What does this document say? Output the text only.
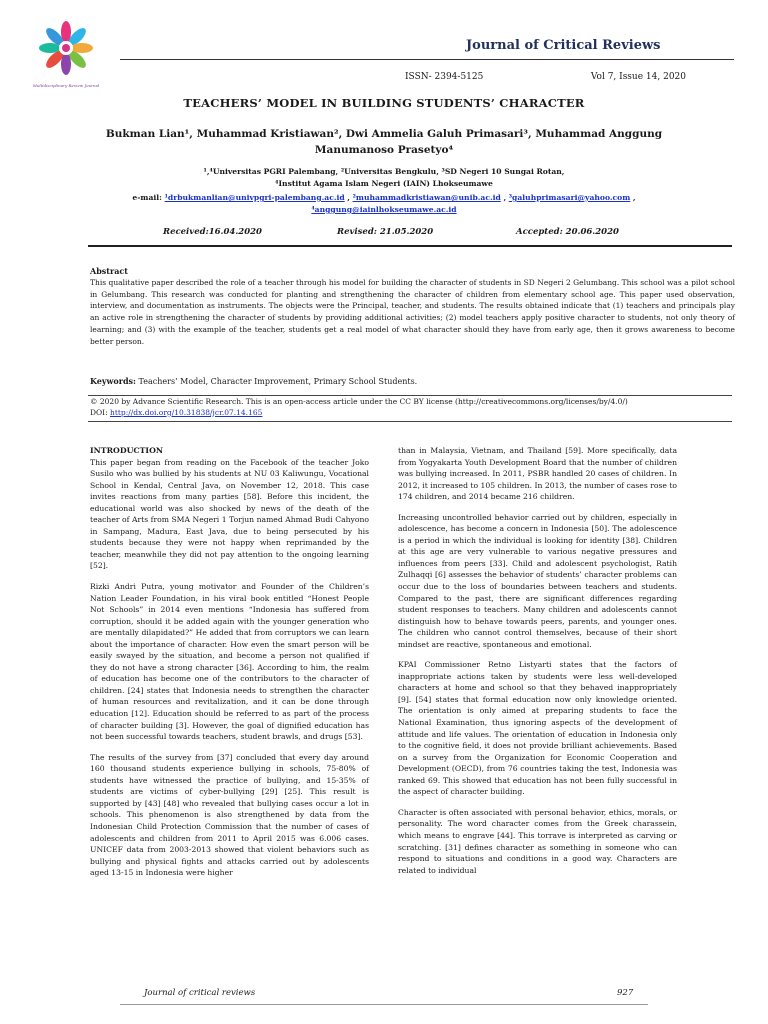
Multidisciplinary Review Journal
Journal of Critical Reviews
ISSN- 2394-5125	Vol 7, Issue 14, 2020
TEACHERS’ MODEL IN BUILDING STUDENTS’ CHARACTER
Bukman Lian¹, Muhammad Kristiawan², Dwi Ammelia Galuh Primasari³, Muhammad Anggung
Manumanoso Prasetyo⁴
¹,⁴Universitas PGRI Palembang, ²Universitas Bengkulu, ³SD Negeri 10 Sungai Rotan,
⁴Institut Agama Islam Negeri (IAIN) Lhokseumawe
e-mail: ¹drbukmanlian@univpgri-palembang.ac.id , ²muhammadkristiawan@unib.ac.id , ³galuhprimasari@yahoo.com ,
⁴anggung@iainlhokseumawe.ac.id
Received:16.04.2020	Revised: 21.05.2020	Accepted: 20.06.2020
Abstract
This qualitative paper described the role of a teacher through his model for building the character of students in SD Negeri 2 Gelumbang. This school was a pilot school in Gelumbang. This research was conducted for planting and strengthening the character of children from elementary school age. This paper used observation, interview, and documentation as instruments. The objects were the Principal, teacher, and students. The results obtained indicate that (1) teachers and principals play an active role in strengthening the character of students by providing additional activities; (2) model teachers apply positive character to students, not only theory of learning; and (3) with the example of the teacher, students get a real model of what character should they have from early age, then it grows awareness to become better person.
Keywords: Teachers’ Model, Character Improvement, Primary School Students.
© 2020 by Advance Scientific Research. This is an open-access article under the CC BY license (http://creativecommons.org/licenses/by/4.0/)
DOI: http://dx.doi.org/10.31838/jcr.07.14.165
INTRODUCTION

This paper began from reading on the Facebook of the teacher Joko Susilo who was bullied by his students at NU 03 Kaliwungu, Vocational School in Kendal, Central Java, on November 12, 2018. This case invites reactions from many parties [58]. Before this incident, the educational world was also shocked by news of the death of the teacher of Arts from SMA Negeri 1 Torjun named Ahmad Budi Cahyono in Sampang, Madura, East Java, due to being persecuted by his students because they were not happy when reprimanded by the teacher, meanwhile they did not pay attention to the ongoing learning [52].

Rizki Andri Putra, young motivator and Founder of the Children’s Nation Leader Foundation, in his viral book entitled “Honest People Not Schools” in 2014 even mentions “Indonesia has suffered from corruption, should it be added again with the younger generation who are mentally dilapidated?” He added that from corruptors we can learn about the importance of character. How even the smart person will be easily swayed by the situation, and become a person not qualified if they do not have a strong character [36]. According to him, the realm of education has become one of the contributors to the character of children. [24] states that Indonesia needs to strengthen the character of human resources and revitalization, and it can be done through education [12]. Education should be referred to as part of the process of character building [3]. However, the goal of dignified education has not been successful towards teachers, student brawls, and drugs [53].

The results of the survey from [37] concluded that every day around 160 thousand students experience bullying in schools, 75-80% of students have witnessed the practice of bullying, and 15-35% of students are victims of cyber-bullying [29] [25]. This result is supported by [43] [48] who revealed that bullying cases occur a lot in schools. This phenomenon is also strengthened by data from the Indonesian Child Protection Commission that the number of cases of adolescents and children from 2011 to April 2015 was 6.006 cases. UNICEF data from 2003-2013 showed that violent behaviors such as bullying and physical fights and attacks carried out by adolescents aged 13-15 in Indonesia were higher

than in Malaysia, Vietnam, and Thailand [59]. More specifically, data from Yogyakarta Youth Development Board that the number of children was bullying increased. In 2011, PSBR handled 20 cases of children. In 2012, it increased to 105 children. In 2013, the number of cases rose to 174 children, and 2014 became 216 children.

Increasing uncontrolled behavior carried out by children, especially in adolescence, has become a concern in Indonesia [50]. The adolescence is a period in which the individual is looking for identity [38]. Children at this age are very vulnerable to various negative pressures and influences from peers [33]. Child and adolescent psychologist, Ratih Zulhaqqi [6] assesses the behavior of students’ character problems can occur due to the loss of boundaries between teachers and students. Compared to the past, there are significant differences regarding student responses to teachers. Many children and adolescents cannot distinguish how to behave towards peers, parents, and younger ones. The children who cannot control themselves, because of their short mindset are reactive, spontaneous and emotional.

KPAI Commissioner Retno Listyarti states that the factors of inappropriate actions taken by students were less well-developed characters at home and school so that they behaved inappropriately [9]. [54] states that formal education now only knowledge oriented. The orientation is only aimed at preparing students to face the National Examination, thus ignoring aspects of the development of attitude and life values. The orientation of education in Indonesia only to the cognitive field, it does not provide brilliant achievements. Based on a survey from the Organization for Economic Cooperation and Development (OECD), from 76 countries taking the test, Indonesia was ranked 69. This showed that education has not been fully successful in the aspect of character building.

Character is often associated with personal behavior, ethics, morals, or personality. The word character comes from the Greek charassein, which means to engrave [44]. This torrave is interpreted as carving or scratching. [31] defines character as something in someone who can respond to situations and conditions in a good way. Characters are related to individual

Journal of critical reviews	927
